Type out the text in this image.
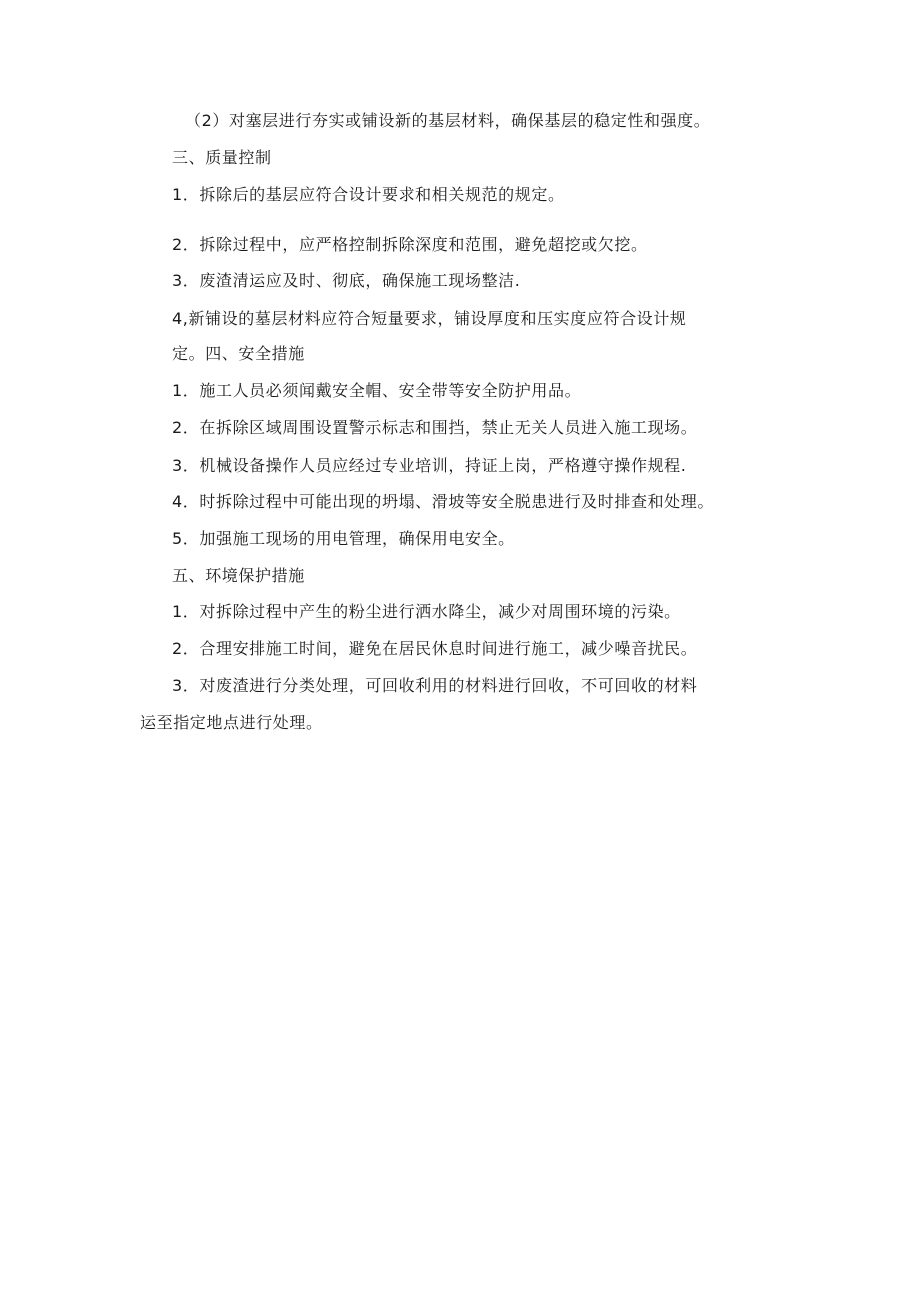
（2）对塞层进行夯实或铺设新的基层材料，确保基层的稳定性和强度。
三、质量控制
1．拆除后的基层应符合设计要求和相关规范的规定。
2．拆除过程中，应严格控制拆除深度和范围，避免超挖或欠挖。
3．废渣清运应及时、彻底，确保施工现场整洁.
4,新铺设的墓层材料应符合短量要求，铺设厚度和压实度应符合设计规
定。四、安全措施
1．施工人员必须闻戴安全帽、安全带等安全防护用品。
2．在拆除区域周围设置警示标志和围挡，禁止无关人员进入施工现场。
3．机械设备操作人员应经过专业培训，持证上岗，严格遵守操作规程.
4．时拆除过程中可能出现的坍塌、滑坡等安全脱患进行及时排查和处理。
5．加强施工现场的用电管理，确保用电安全。
五、环境保护措施
1．对拆除过程中产生的粉尘进行洒水降尘，减少对周围环境的污染。
2．合理安排施工时间，避免在居民休息时间进行施工，减少噪音扰民。
3．对废渣进行分类处理，可回收利用的材料进行回收，不可回收的材料
运至指定地点进行处理。
